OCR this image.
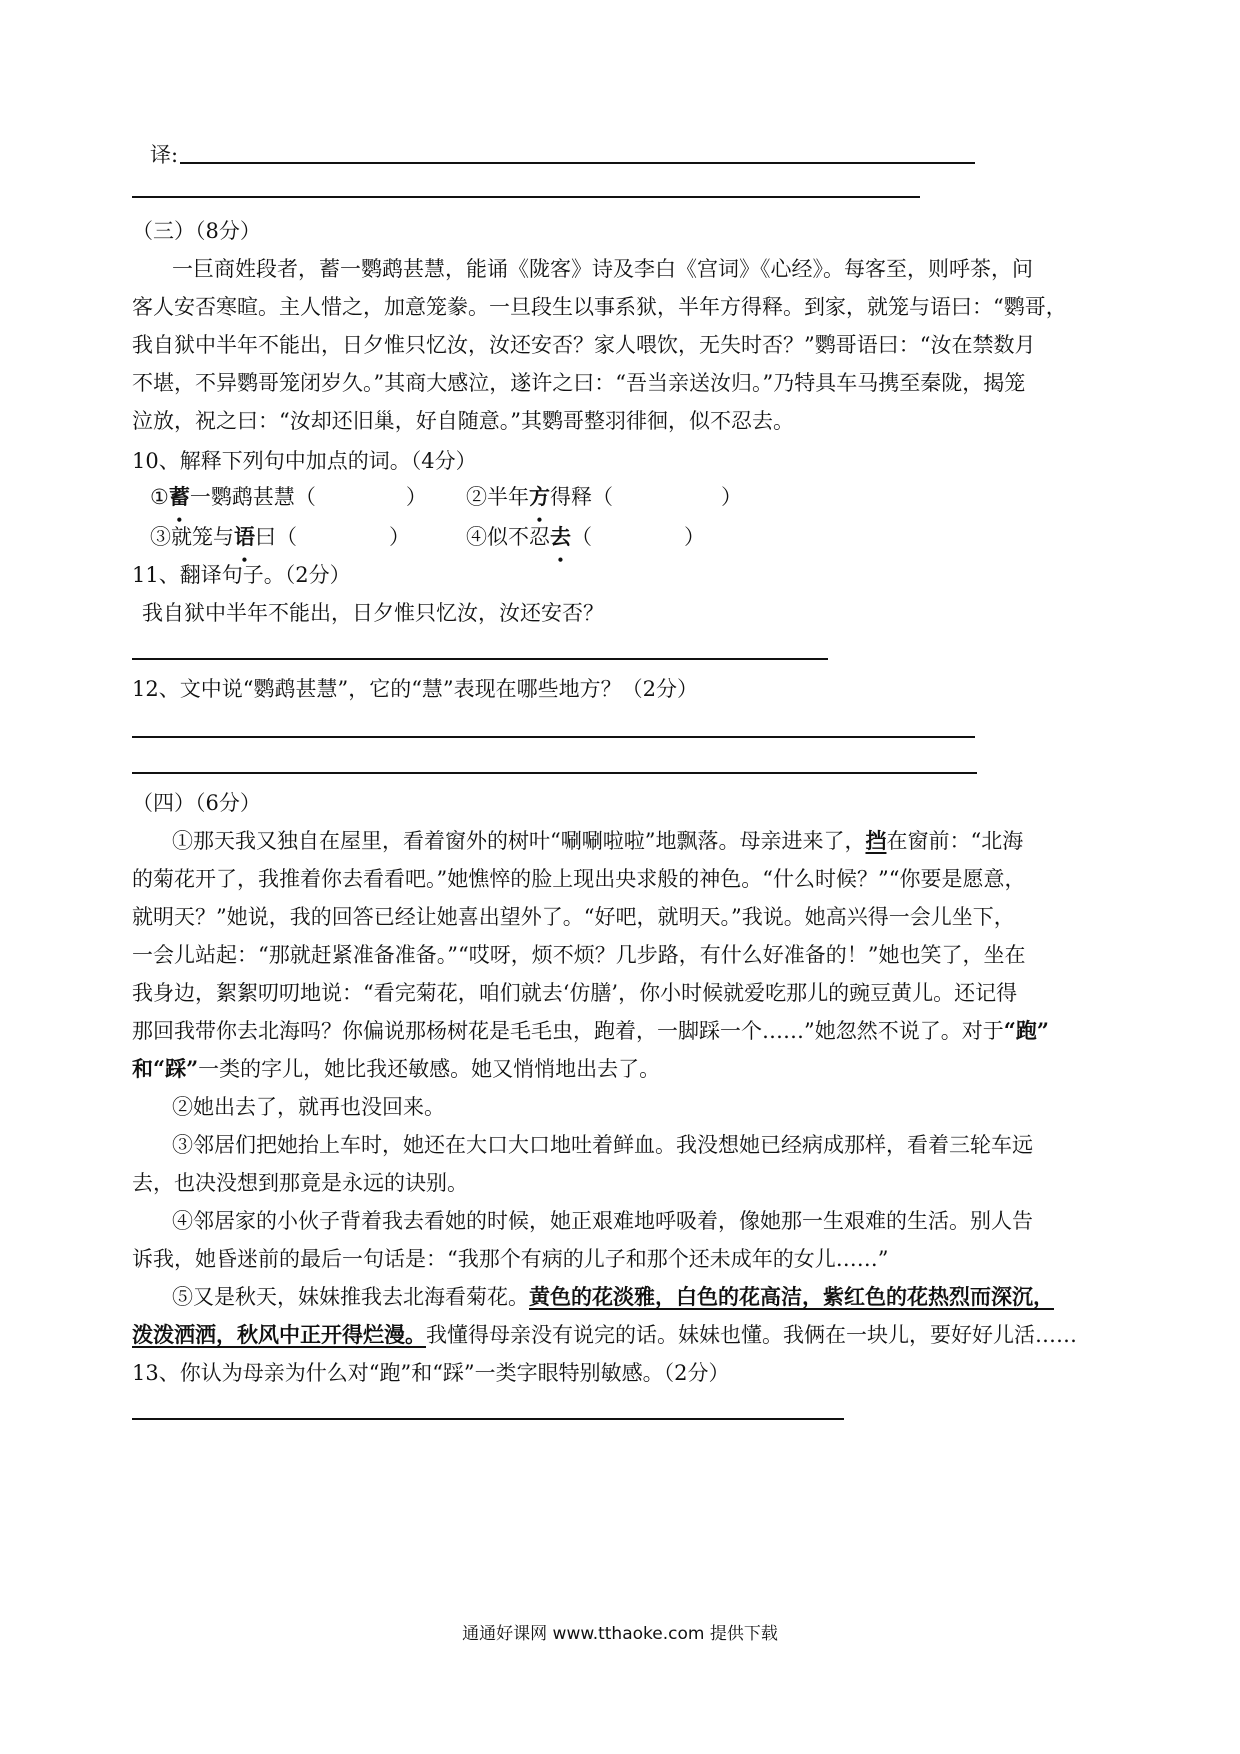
译:
（三）（8分）
一巨商姓段者，蓄一鹦鹉甚慧，能诵《陇客》诗及李白《宫词》《心经》。每客至，则呼茶，问
客人安否寒暄。主人惜之，加意笼豢。一旦段生以事系狱，半年方得释。到家，就笼与语曰：“鹦哥，
我自狱中半年不能出，日夕惟只忆汝，汝还安否？家人喂饮，无失时否？”鹦哥语曰：“汝在禁数月
不堪，不异鹦哥笼闭岁久。”其商大感泣，遂许之曰：“吾当亲送汝归。”乃特具车马携至秦陇，揭笼
泣放，祝之曰：“汝却还旧巢，好自随意。”其鹦哥整羽徘徊，似不忍去。
10、解释下列句中加点的词。（4分）
①蓄一鹦鹉甚慧（	） ②半年方得释（	）
③就笼与语曰（	）	④似不忍去（	）
11、翻译句子。（2分）
我自狱中半年不能出，日夕惟只忆汝，汝还安否？
12、文中说“鹦鹉甚慧”，它的“慧”表现在哪些地方？（2分）
（四）（6分）
①那天我又独自在屋里，看着窗外的树叶“唰唰啦啦”地飘落。母亲进来了，挡在窗前：“北海
的菊花开了，我推着你去看看吧。”她憔悴的脸上现出央求般的神色。“什么时候？”“你要是愿意，
就明天？”她说，我的回答已经让她喜出望外了。“好吧，就明天。”我说。她高兴得一会儿坐下，
一会儿站起：“那就赶紧准备准备。”“哎呀，烦不烦？几步路，有什么好准备的！”她也笑了，坐在
我身边，絮絮叨叨地说：“看完菊花，咱们就去‘仿膳’，你小时候就爱吃那儿的豌豆黄儿。还记得
那回我带你去北海吗？你偏说那杨树花是毛毛虫，跑着，一脚踩一个……”她忽然不说了。对于“跑”
和“踩”一类的字儿，她比我还敏感。她又悄悄地出去了。
②她出去了，就再也没回来。
③邻居们把她抬上车时，她还在大口大口地吐着鲜血。我没想她已经病成那样，看着三轮车远
去，也决没想到那竟是永远的诀别。
④邻居家的小伙子背着我去看她的时候，她正艰难地呼吸着，像她那一生艰难的生活。别人告
诉我，她昏迷前的最后一句话是：“我那个有病的儿子和那个还未成年的女儿……”
⑤又是秋天，妹妹推我去北海看菊花。黄色的花淡雅，白色的花高洁，紫红色的花热烈而深沉，
泼泼洒洒，秋风中正开得烂漫。我懂得母亲没有说完的话。妹妹也懂。我俩在一块儿，要好好儿活……
13、你认为母亲为什么对“跑”和“踩”一类字眼特别敏感。（2分）
通通好课网 www.tthaoke.com 提供下载
